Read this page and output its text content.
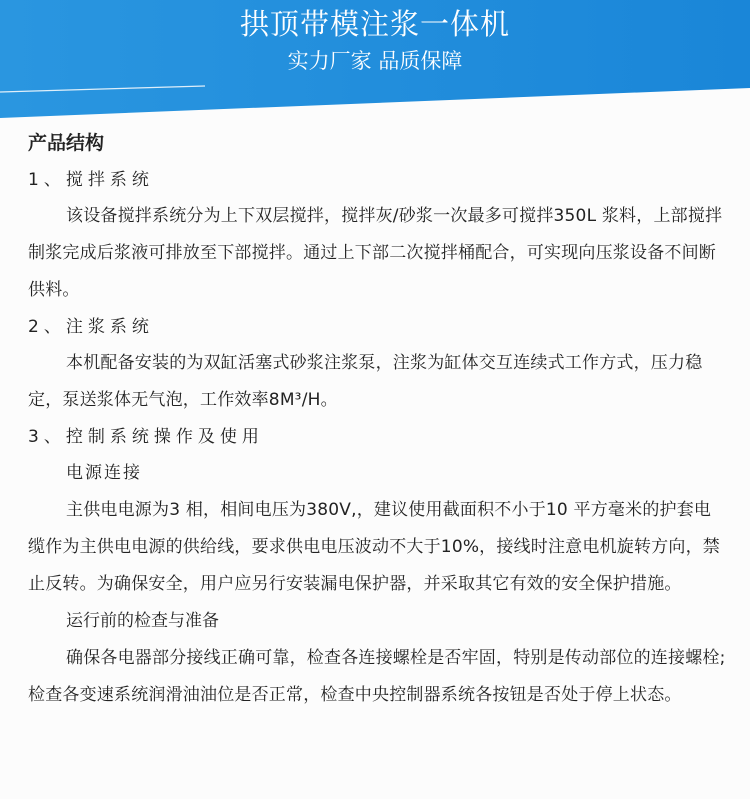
拱顶带模注浆一体机

实力厂家 品质保障

产品结构

1、搅拌系统

该设备搅拌系统分为上下双层搅拌，搅拌灰/砂浆一次最多可搅拌350L 浆料，上部搅拌制浆完成后浆液可排放至下部搅拌。通过上下部二次搅拌桶配合，可实现向压浆设备不间断供料。

2、注浆系统

本机配备安装的为双缸活塞式砂浆注浆泵，注浆为缸体交互连续式工作方式，压力稳定，泵送浆体无气泡，工作效率8M³/H。

3、控制系统操作及使用

电源连接

主供电电源为3 相，相间电压为380V,，建议使用截面积不小于10 平方毫米的护套电缆作为主供电电源的供给线，要求供电电压波动不大于10%，接线时注意电机旋转方向，禁止反转。为确保安全，用户应另行安装漏电保护器，并采取其它有效的安全保护措施。

运行前的检查与准备

确保各电器部分接线正确可靠，检查各连接螺栓是否牢固，特别是传动部位的连接螺栓;检查各变速系统润滑油油位是否正常，检查中央控制器系统各按钮是否处于停上状态。
